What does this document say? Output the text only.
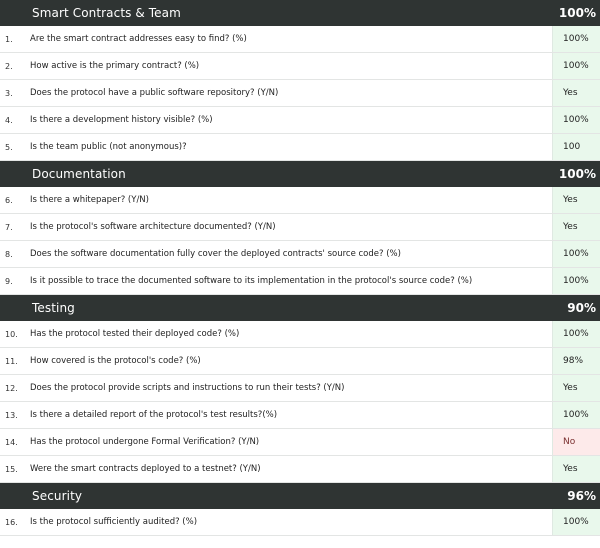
Smart Contracts & Team	100%
1.	Are the smart contract addresses easy to find? (%)	100%
2.	How active is the primary contract? (%)	100%
3.	Does the protocol have a public software repository? (Y/N)	Yes
4.	Is there a development history visible? (%)	100%
5.	Is the team public (not anonymous)?	100
Documentation	100%
6.	Is there a whitepaper? (Y/N)	Yes
7.	Is the protocol's software architecture documented? (Y/N)	Yes
8.	Does the software documentation fully cover the deployed contracts' source code? (%)	100%
9.	Is it possible to trace the documented software to its implementation in the protocol's source code? (%)	100%
Testing	90%
10.	Has the protocol tested their deployed code? (%)	100%
11.	How covered is the protocol's code? (%)	98%
12.	Does the protocol provide scripts and instructions to run their tests? (Y/N)	Yes
13.	Is there a detailed report of the protocol's test results?(%)	100%
14.	Has the protocol undergone Formal Verification? (Y/N)	No
15.	Were the smart contracts deployed to a testnet? (Y/N)	Yes
Security	96%
16.	Is the protocol sufficiently audited? (%)	100%
